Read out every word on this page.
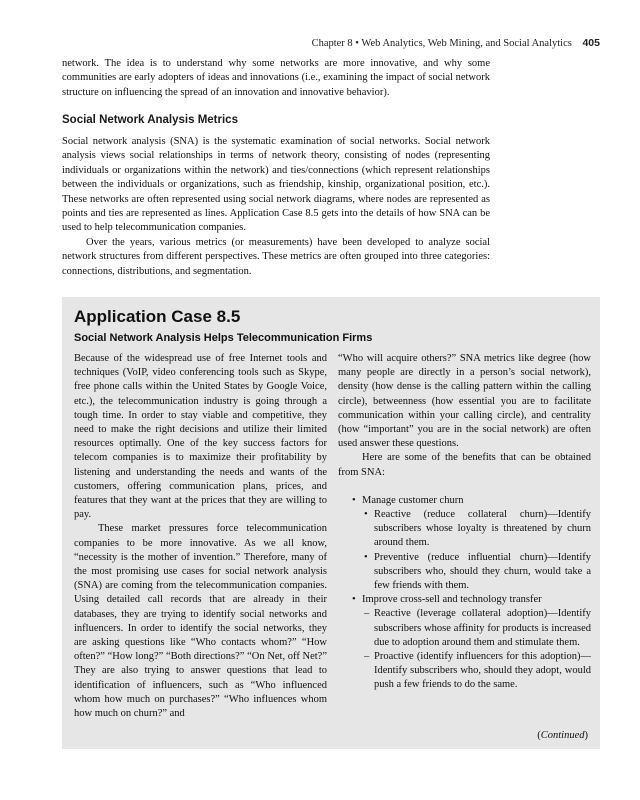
Chapter 8 • Web Analytics, Web Mining, and Social Analytics 405

network. The idea is to understand why some networks are more innovative, and why some communities are early adopters of ideas and innovations (i.e., examining the impact of social network structure on influencing the spread of an innovation and innovative behavior).

Social Network Analysis Metrics

Social network analysis (SNA) is the systematic examination of social networks. Social network analysis views social relationships in terms of network theory, consisting of nodes (representing individuals or organizations within the network) and ties/connections (which represent relationships between the individuals or organizations, such as friendship, kinship, organizational position, etc.). These networks are often represented using social network diagrams, where nodes are represented as points and ties are represented as lines. Application Case 8.5 gets into the details of how SNA can be used to help telecommunication companies.

Over the years, various metrics (or measurements) have been developed to analyze social network structures from different perspectives. These metrics are often grouped into three categories: connections, distributions, and segmentation.

Application Case 8.5
Social Network Analysis Helps Telecommunication Firms

Because of the widespread use of free Internet tools and techniques (VoIP, video conferencing tools such as Skype, free phone calls within the United States by Google Voice, etc.), the telecommunication industry is going through a tough time. In order to stay viable and competitive, they need to make the right decisions and utilize their limited resources optimally. One of the key success factors for telecom companies is to maximize their profitability by listening and understanding the needs and wants of the customers, offering communication plans, prices, and features that they want at the prices that they are willing to pay.

These market pressures force telecommunication companies to be more innovative. As we all know, “necessity is the mother of invention.” Therefore, many of the most promising use cases for social network analysis (SNA) are coming from the telecommunication companies. Using detailed call records that are already in their databases, they are trying to identify social networks and influencers. In order to identify the social networks, they are asking questions like “Who contacts whom?” “How often?” “How long?” “Both directions?” “On Net, off Net?” They are also trying to answer questions that lead to identification of influencers, such as “Who influenced whom how much on purchases?” “Who influences whom how much on churn?” and

“Who will acquire others?” SNA metrics like degree (how many people are directly in a person’s social network), density (how dense is the calling pattern within the calling circle), betweenness (how essential you are to facilitate communication within your calling circle), and centrality (how “important” you are in the social network) are often used answer these questions.

Here are some of the benefits that can be obtained from SNA:

• Manage customer churn

• Reactive (reduce collateral churn)—Identify subscribers whose loyalty is threatened by churn around them.

• Preventive (reduce influential churn)—Identify subscribers who, should they churn, would take a few friends with them.

• Improve cross-sell and technology transfer

– Reactive (leverage collateral adoption)—Identify subscribers whose affinity for products is increased due to adoption around them and stimulate them.

– Proactive (identify influencers for this adoption)—Identify subscribers who, should they adopt, would push a few friends to do the same.

(Continued)
